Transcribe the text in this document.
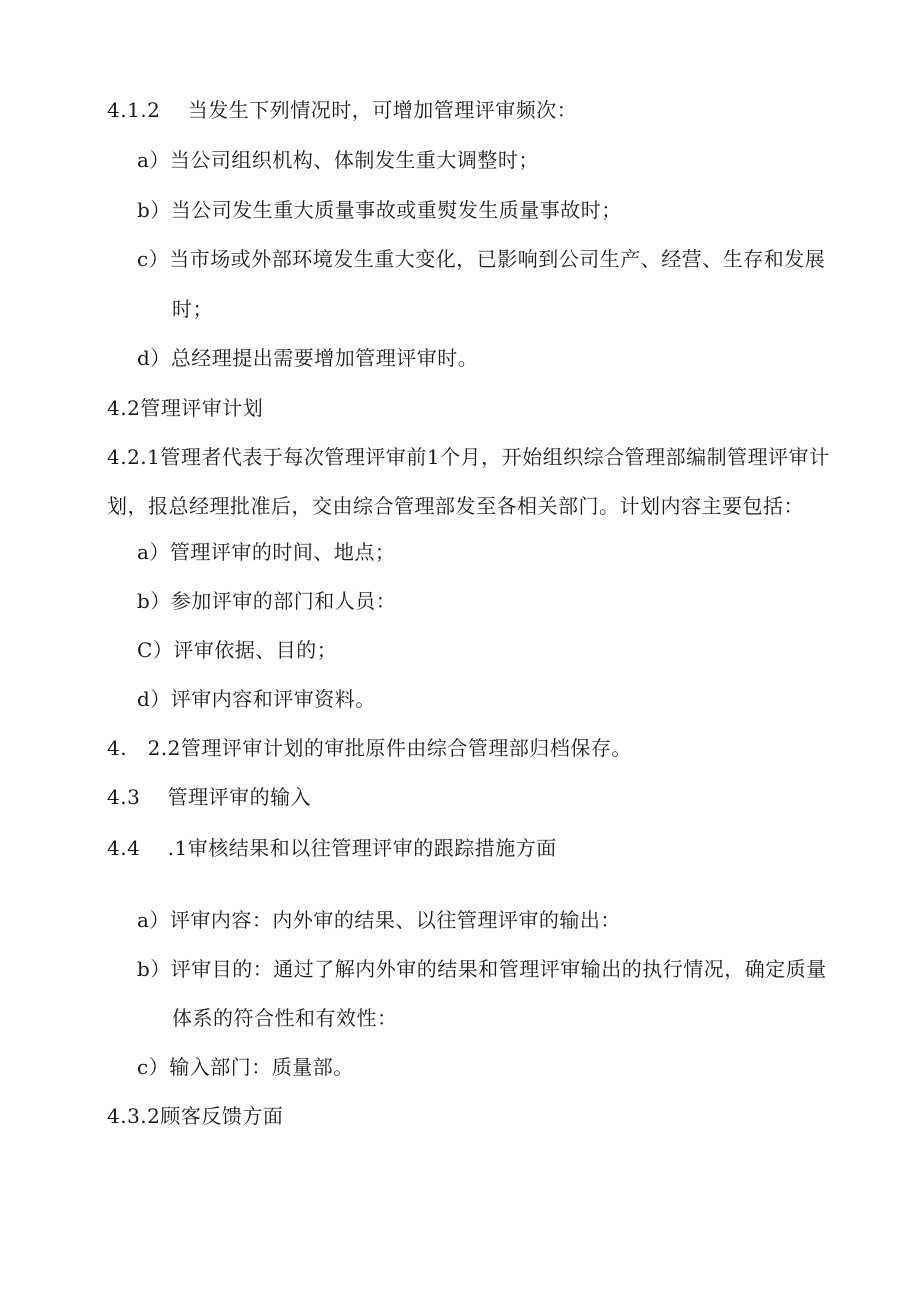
4.1.2　 当发生下列情况时，可增加管理评审频次：
a）当公司组织机构、体制发生重大调整时；
b）当公司发生重大质量事故或重熨发生质量事故时；
c）当市场或外部环境发生重大变化，已影响到公司生产、经营、生存和发展
时；
d）总经理提出需要增加管理评审时。
4.2管理评审计划
4.2.1管理者代表于每次管理评审前1个月，开始组织综合管理部编制管理评审计
划，报总经理批准后，交由综合管理部发至各相关部门。计划内容主要包括：
a）管理评审的时间、地点；
b）参加评审的部门和人员：
C）评审依据、目的；
d）评审内容和评审资料。
4.　2.2管理评审计划的审批原件由综合管理部归档保存。
4.3　 管理评审的输入
4.4　 .1审核结果和以往管理评审的跟踪措施方面
a）评审内容：内外审的结果、以往管理评审的输出：
b）评审目的：通过了解内外审的结果和管理评审输出的执行情况，确定质量
体系的符合性和有效性：
c）输入部门：质量部。
4.3.2顾客反馈方面
